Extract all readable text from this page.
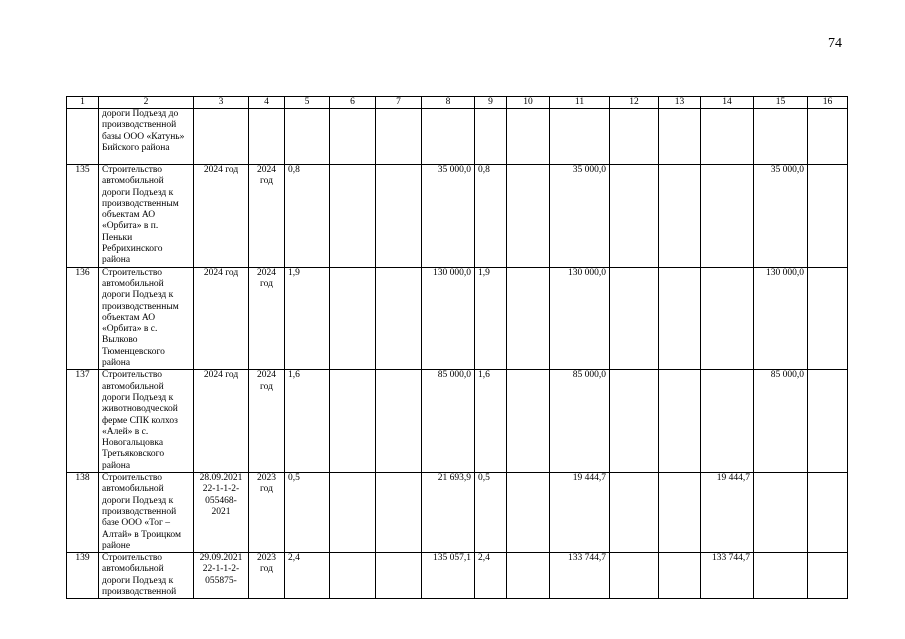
74
1	2	3	4	5	6	7	8	9	10	11	12	13	14	15	16
	дороги Подъезд до производственной базы ООО «Катунь» Бийского района														
135	Строительство автомобильной дороги Подъезд к производственным объектам АО «Орбита» в п. Пеньки Ребрихинского района	2024 год	2024 год	0,8			35 000,0	0,8		35 000,0				35 000,0	
136	Строительство автомобильной дороги Подъезд к производственным объектам АО «Орбита» в с. Вылково Тюменцевского района	2024 год	2024 год	1,9			130 000,0	1,9		130 000,0				130 000,0	
137	Строительство автомобильной дороги Подъезд к животноводческой ферме СПК колхоз «Алей» в с. Новогальцовка Третьяковского района	2024 год	2024 год	1,6			85 000,0	1,6		85 000,0				85 000,0	
138	Строительство автомобильной дороги Подъезд к производственной базе ООО «Тог – Алтай» в Троицком районе	28.09.2021 22-1-1-2-055468-2021	2023 год	0,5			21 693,9	0,5		19 444,7			19 444,7		
139	Строительство автомобильной дороги Подъезд к производственной	29.09.2021 22-1-1-2-055875-	2023 год	2,4			135 057,1	2,4		133 744,7			133 744,7		
